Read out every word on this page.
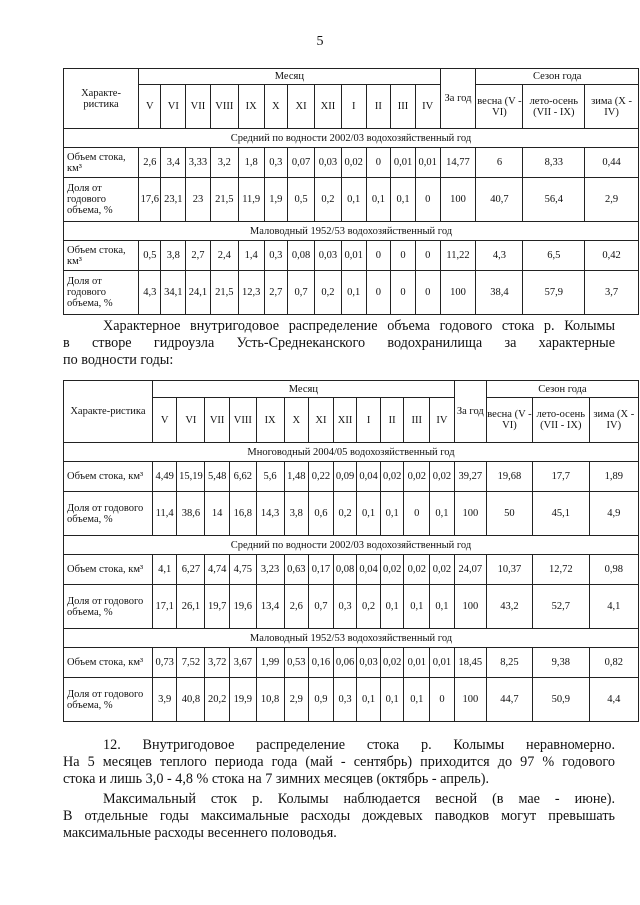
5
Характе-ристика	Месяц												За год	Сезон года		
	V	VI	VII	VIII	IX	X	XI	XII	I	II	III	IV		весна (V - VI)	лето-осень (VII - IX)	зима (X - IV)
Средний по водности 2002/03 водохозяйственный год																
Объем стока, км³	2,6	3,4	3,33	3,2	1,8	0,3	0,07	0,03	0,02	0	0,01	0,01	14,77	6	8,33	0,44
Доля от годового объема, %	17,6	23,1	23	21,5	11,9	1,9	0,5	0,2	0,1	0,1	0,1	0	100	40,7	56,4	2,9
Маловодный 1952/53 водохозяйственный год																
Объем стока, км³	0,5	3,8	2,7	2,4	1,4	0,3	0,08	0,03	0,01	0	0	0	11,22	4,3	6,5	0,42
Доля от годового объема, %	4,3	34,1	24,1	21,5	12,3	2,7	0,7	0,2	0,1	0	0	0	100	38,4	57,9	3,7
Характерное внутригодовое распределение объема годового стока р. Колымы
в створе гидроузла Усть-Среднеканского водохранилища за характерные
по водности годы:
Характе-ристика	Месяц												За год	Сезон года		
	V	VI	VII	VIII	IX	X	XI	XII	I	II	III	IV		весна (V - VI)	лето-осень (VII - IX)	зима (X - IV)
Многоводный 2004/05 водохозяйственный год																
Объем стока, км³	4,49	15,19	5,48	6,62	5,6	1,48	0,22	0,09	0,04	0,02	0,02	0,02	39,27	19,68	17,7	1,89
Доля от годового объема, %	11,4	38,6	14	16,8	14,3	3,8	0,6	0,2	0,1	0,1	0	0,1	100	50	45,1	4,9
Средний по водности 2002/03 водохозяйственный год																
Объем стока, км³	4,1	6,27	4,74	4,75	3,23	0,63	0,17	0,08	0,04	0,02	0,02	0,02	24,07	10,37	12,72	0,98
Доля от годового объема, %	17,1	26,1	19,7	19,6	13,4	2,6	0,7	0,3	0,2	0,1	0,1	0,1	100	43,2	52,7	4,1
Маловодный 1952/53 водохозяйственный год																
Объем стока, км³	0,73	7,52	3,72	3,67	1,99	0,53	0,16	0,06	0,03	0,02	0,01	0,01	18,45	8,25	9,38	0,82
Доля от годового объема, %	3,9	40,8	20,2	19,9	10,8	2,9	0,9	0,3	0,1	0,1	0,1	0	100	44,7	50,9	4,4
12. Внутригодовое распределение стока р. Колымы неравномерно.
На 5 месяцев теплого периода года (май - сентябрь) приходится до 97 % годового
стока и лишь 3,0 - 4,8 % стока на 7 зимних месяцев (октябрь - апрель).
Максимальный сток р. Колымы наблюдается весной (в мае - июне).
В отдельные годы максимальные расходы дождевых паводков могут превышать
максимальные расходы весеннего половодья.
